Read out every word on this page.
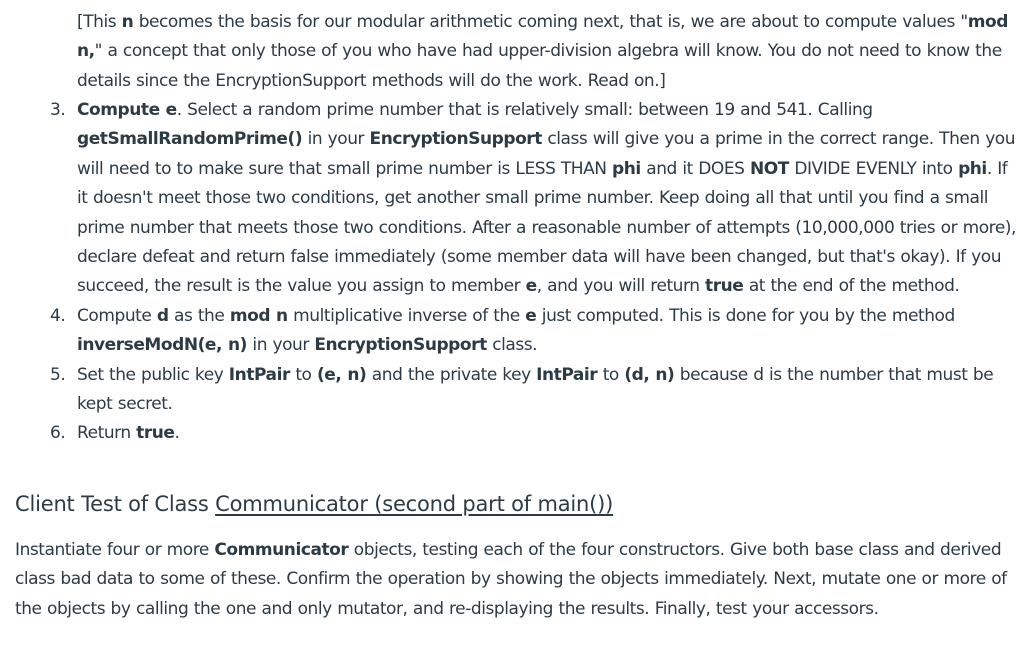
[This n becomes the basis for our modular arithmetic coming next, that is, we are about to compute values "mod n," a concept that only those of you who have had upper-division algebra will know. You do not need to know the details since the EncryptionSupport methods will do the work. Read on.]

3. Compute e. Select a random prime number that is relatively small: between 19 and 541. Calling getSmallRandomPrime() in your EncryptionSupport class will give you a prime in the correct range. Then you will need to to make sure that small prime number is LESS THAN phi and it DOES NOT DIVIDE EVENLY into phi. If it doesn't meet those two conditions, get another small prime number. Keep doing all that until you find a small prime number that meets those two conditions. After a reasonable number of attempts (10,000,000 tries or more), declare defeat and return false immediately (some member data will have been changed, but that's okay). If you succeed, the result is the value you assign to member e, and you will return true at the end of the method.
4. Compute d as the mod n multiplicative inverse of the e just computed. This is done for you by the method inverseModN(e, n) in your EncryptionSupport class.
5. Set the public key IntPair to (e, n) and the private key IntPair to (d, n) because d is the number that must be kept secret.
6. Return true.
Client Test of Class Communicator (second part of main())

Instantiate four or more Communicator objects, testing each of the four constructors. Give both base class and derived class bad data to some of these. Confirm the operation by showing the objects immediately. Next, mutate one or more of the objects by calling the one and only mutator, and re-displaying the results. Finally, test your accessors.
